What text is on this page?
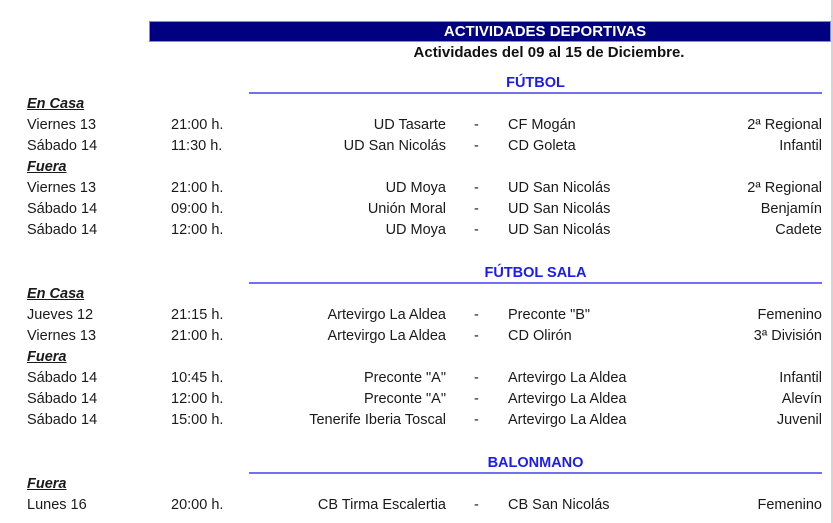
ACTIVIDADES DEPORTIVAS
Actividades del 09 al 15 de Diciembre.
FÚTBOL
En Casa
Viernes 13	21:00 h.	UD Tasarte - CF Mogán	2ª Regional
Sábado 14	11:30 h.	UD San Nicolás - CD Goleta	Infantil
Fuera
Viernes 13	21:00 h.	UD Moya - UD San Nicolás	2ª Regional
Sábado 14	09:00 h.	Unión Moral - UD San Nicolás	Benjamín
Sábado 14	12:00 h.	UD Moya - UD San Nicolás	Cadete
FÚTBOL SALA
En Casa
Jueves 12	21:15 h.	Artevirgo La Aldea - Preconte "B"	Femenino
Viernes 13	21:00 h.	Artevirgo La Aldea - CD Olirón	3ª División
Fuera
Sábado 14	10:45 h.	Preconte "A" - Artevirgo La Aldea	Infantil
Sábado 14	12:00 h.	Preconte "A" - Artevirgo La Aldea	Alevín
Sábado 14	15:00 h.	Tenerife Iberia Toscal - Artevirgo La Aldea	Juvenil
BALONMANO
Fuera
Lunes 16	20:00 h.	CB Tirma Escalertia - CB San Nicolás	Femenino
